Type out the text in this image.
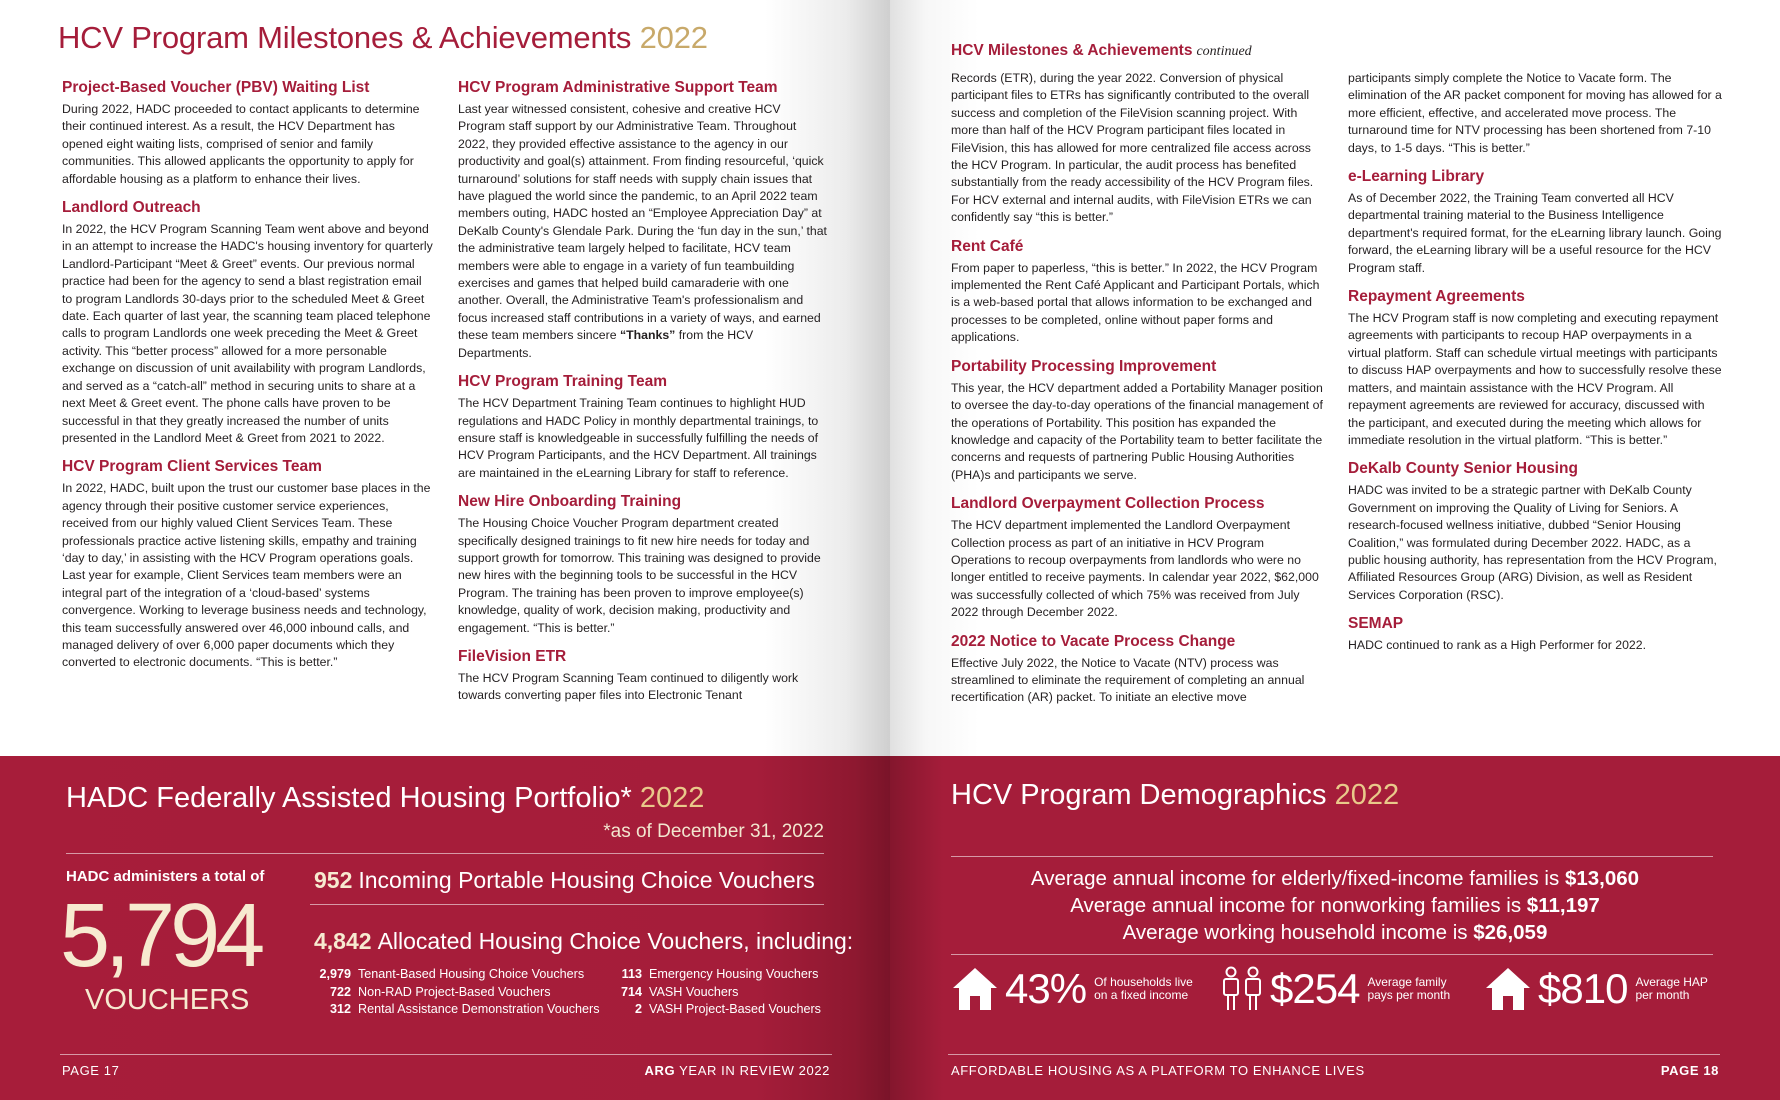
HCV Program Milestones & Achievements 2022
Project-Based Voucher (PBV) Waiting List

During 2022, HADC proceeded to contact applicants to determine their continued interest. As a result, the HCV Department has opened eight waiting lists, comprised of senior and family communities. This allowed applicants the opportunity to apply for affordable housing as a platform to enhance their lives.

Landlord Outreach

In 2022, the HCV Program Scanning Team went above and beyond in an attempt to increase the HADC's housing inventory for quarterly Landlord-Participant “Meet & Greet” events. Our previous normal practice had been for the agency to send a blast registration email to program Landlords 30-days prior to the scheduled Meet & Greet date. Each quarter of last year, the scanning team placed telephone calls to program Landlords one week preceding the Meet & Greet activity. This “better process” allowed for a more personable exchange on discussion of unit availability with program Landlords, and served as a “catch-all” method in securing units to share at a next Meet & Greet event. The phone calls have proven to be successful in that they greatly increased the number of units presented in the Landlord Meet & Greet from 2021 to 2022.

HCV Program Client Services Team

In 2022, HADC, built upon the trust our customer base places in the agency through their positive customer service experiences, received from our highly valued Client Services Team. These professionals practice active listening skills, empathy and training ‘day to day,’ in assisting with the HCV Program operations goals. Last year for example, Client Services team members were an integral part of the integration of a ‘cloud-based’ systems convergence. Working to leverage business needs and technology, this team successfully answered over 46,000 inbound calls, and managed delivery of over 6,000 paper documents which they converted to electronic documents. “This is better.”

HCV Program Administrative Support Team

Last year witnessed consistent, cohesive and creative HCV Program staff support by our Administrative Team. Throughout 2022, they provided effective assistance to the agency in our productivity and goal(s) attainment. From finding resourceful, ‘quick turnaround’ solutions for staff needs with supply chain issues that have plagued the world since the pandemic, to an April 2022 team members outing, HADC hosted an “Employee Appreciation Day” at DeKalb County's Glendale Park. During the ‘fun day in the sun,’ that the administrative team largely helped to facilitate, HCV team members were able to engage in a variety of fun teambuilding exercises and games that helped build camaraderie with one another. Overall, the Administrative Team's professionalism and focus increased staff contributions in a variety of ways, and earned these team members sincere “Thanks” from the HCV Departments.

HCV Program Training Team

The HCV Department Training Team continues to highlight HUD regulations and HADC Policy in monthly departmental trainings, to ensure staff is knowledgeable in successfully fulfilling the needs of HCV Program Participants, and the HCV Department. All trainings are maintained in the eLearning Library for staff to reference.

New Hire Onboarding Training

The Housing Choice Voucher Program department created specifically designed trainings to fit new hire needs for today and support growth for tomorrow. This training was designed to provide new hires with the beginning tools to be successful in the HCV Program. The training has been proven to improve employee(s) knowledge, quality of work, decision making, productivity and engagement. “This is better.”

FileVision ETR

The HCV Program Scanning Team continued to diligently work towards converting paper files into Electronic Tenant

HADC Federally Assisted Housing Portfolio* 2022
*as of December 31, 2022
HADC administers a total of
5,794
VOUCHERS
952 Incoming Portable Housing Choice Vouchers
4,842 Allocated Housing Choice Vouchers, including:
2,979 Tenant-Based Housing Choice Vouchers
722 Non-RAD Project-Based Vouchers
312 Rental Assistance Demonstration Vouchers
113 Emergency Housing Vouchers
714 VASH Vouchers
2 VASH Project-Based Vouchers
PAGE 17	ARG YEAR IN REVIEW 2022
HCV Milestones & Achievements continued

Records (ETR), during the year 2022. Conversion of physical participant files to ETRs has significantly contributed to the overall success and completion of the FileVision scanning project. With more than half of the HCV Program participant files located in FileVision, this has allowed for more centralized file access across the HCV Program. In particular, the audit process has benefited substantially from the ready accessibility of the HCV Program files. For HCV external and internal audits, with FileVision ETRs we can confidently say “this is better.”

Rent Café

From paper to paperless, “this is better.” In 2022, the HCV Program implemented the Rent Café Applicant and Participant Portals, which is a web-based portal that allows information to be exchanged and processes to be completed, online without paper forms and applications.

Portability Processing Improvement

This year, the HCV department added a Portability Manager position to oversee the day-to-day operations of the financial management of the operations of Portability. This position has expanded the knowledge and capacity of the Portability team to better facilitate the concerns and requests of partnering Public Housing Authorities (PHA)s and participants we serve.

Landlord Overpayment Collection Process

The HCV department implemented the Landlord Overpayment Collection process as part of an initiative in HCV Program Operations to recoup overpayments from landlords who were no longer entitled to receive payments. In calendar year 2022, $62,000 was successfully collected of which 75% was received from July 2022 through December 2022.

2022 Notice to Vacate Process Change

Effective July 2022, the Notice to Vacate (NTV) process was streamlined to eliminate the requirement of completing an annual recertification (AR) packet. To initiate an elective move

participants simply complete the Notice to Vacate form. The elimination of the AR packet component for moving has allowed for a more efficient, effective, and accelerated move process. The turnaround time for NTV processing has been shortened from 7-10 days, to 1-5 days. “This is better.”

e-Learning Library

As of December 2022, the Training Team converted all HCV departmental training material to the Business Intelligence department's required format, for the eLearning library launch. Going forward, the eLearning library will be a useful resource for the HCV Program staff.

Repayment Agreements

The HCV Program staff is now completing and executing repayment agreements with participants to recoup HAP overpayments in a virtual platform. Staff can schedule virtual meetings with participants to discuss HAP overpayments and how to successfully resolve these matters, and maintain assistance with the HCV Program. All repayment agreements are reviewed for accuracy, discussed with the participant, and executed during the meeting which allows for immediate resolution in the virtual platform. “This is better.”

DeKalb County Senior Housing

HADC was invited to be a strategic partner with DeKalb County Government on improving the Quality of Living for Seniors. A research-focused wellness initiative, dubbed “Senior Housing Coalition,” was formulated during December 2022. HADC, as a public housing authority, has representation from the HCV Program, Affiliated Resources Group (ARG) Division, as well as Resident Services Corporation (RSC).

SEMAP

HADC continued to rank as a High Performer for 2022.

HCV Program Demographics 2022
Average annual income for elderly/fixed-income families is $13,060
Average annual income for nonworking families is $11,197
Average working household income is $26,059
43% Of households live
on a fixed income $254 Average family
pays per month $810 Average HAP
per month
AFFORDABLE HOUSING AS A PLATFORM TO ENHANCE LIVES	PAGE 18
